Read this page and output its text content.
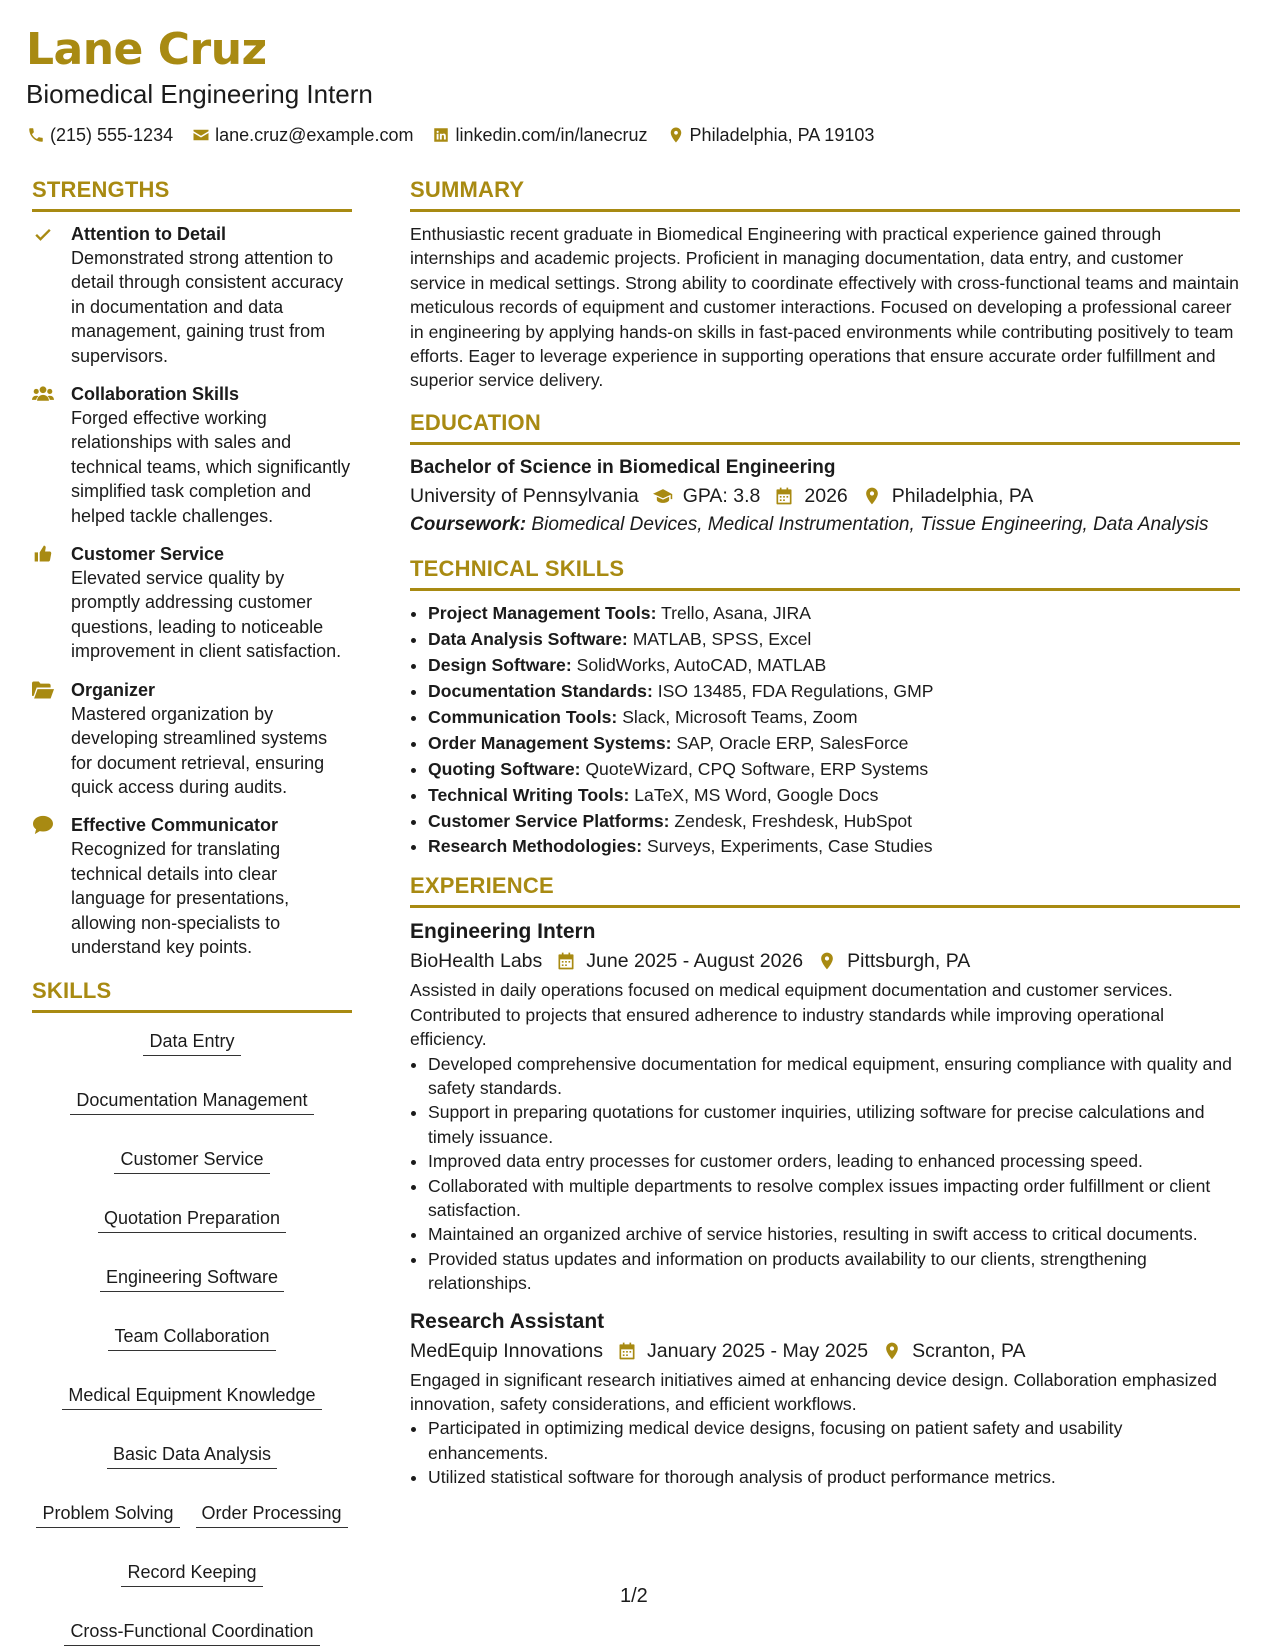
Lane Cruz
Biomedical Engineering Intern
(215) 555-1234 lane.cruz@example.com linkedin.com/in/lanecruz Philadelphia, PA 19103
STRENGTHS
Attention to Detail
Demonstrated strong attention to detail through consistent accuracy in documentation and data management, gaining trust from supervisors.
Collaboration Skills
Forged effective working relationships with sales and technical teams, which significantly simplified task completion and helped tackle challenges.
Customer Service
Elevated service quality by promptly addressing customer questions, leading to noticeable improvement in client satisfaction.
Organizer
Mastered organization by developing streamlined systems for document retrieval, ensuring quick access during audits.
Effective Communicator
Recognized for translating technical details into clear language for presentations, allowing non-specialists to understand key points.
SKILLS
Data Entry
Documentation Management
Customer Service
Quotation Preparation
Engineering Software
Team Collaboration
Medical Equipment Knowledge
Basic Data Analysis
Problem Solving	Order Processing
Record Keeping
Cross-Functional Coordination
SUMMARY
Enthusiastic recent graduate in Biomedical Engineering with practical experience gained through internships and academic projects. Proficient in managing documentation, data entry, and customer service in medical settings. Strong ability to coordinate effectively with cross-functional teams and maintain meticulous records of equipment and customer interactions. Focused on developing a professional career in engineering by applying hands-on skills in fast-paced environments while contributing positively to team efforts. Eager to leverage experience in supporting operations that ensure accurate order fulfillment and superior service delivery.
EDUCATION
Bachelor of Science in Biomedical Engineering
University of Pennsylvania GPA: 3.8 2026 Philadelphia, PA
Coursework: Biomedical Devices, Medical Instrumentation, Tissue Engineering, Data Analysis
TECHNICAL SKILLS
• Project Management Tools: Trello, Asana, JIRA
• Data Analysis Software: MATLAB, SPSS, Excel
• Design Software: SolidWorks, AutoCAD, MATLAB
• Documentation Standards: ISO 13485, FDA Regulations, GMP
• Communication Tools: Slack, Microsoft Teams, Zoom
• Order Management Systems: SAP, Oracle ERP, SalesForce
• Quoting Software: QuoteWizard, CPQ Software, ERP Systems
• Technical Writing Tools: LaTeX, MS Word, Google Docs
• Customer Service Platforms: Zendesk, Freshdesk, HubSpot
• Research Methodologies: Surveys, Experiments, Case Studies
EXPERIENCE
Engineering Intern
BioHealth Labs June 2025 - August 2026 Pittsburgh, PA
Assisted in daily operations focused on medical equipment documentation and customer services. Contributed to projects that ensured adherence to industry standards while improving operational efficiency.
• Developed comprehensive documentation for medical equipment, ensuring compliance with quality and safety standards.
• Support in preparing quotations for customer inquiries, utilizing software for precise calculations and timely issuance.
• Improved data entry processes for customer orders, leading to enhanced processing speed.
• Collaborated with multiple departments to resolve complex issues impacting order fulfillment or client satisfaction.
• Maintained an organized archive of service histories, resulting in swift access to critical documents.
• Provided status updates and information on products availability to our clients, strengthening relationships.
Research Assistant
MedEquip Innovations January 2025 - May 2025 Scranton, PA
Engaged in significant research initiatives aimed at enhancing device design. Collaboration emphasized innovation, safety considerations, and efficient workflows.
• Participated in optimizing medical device designs, focusing on patient safety and usability enhancements.
• Utilized statistical software for thorough analysis of product performance metrics.
1/2
